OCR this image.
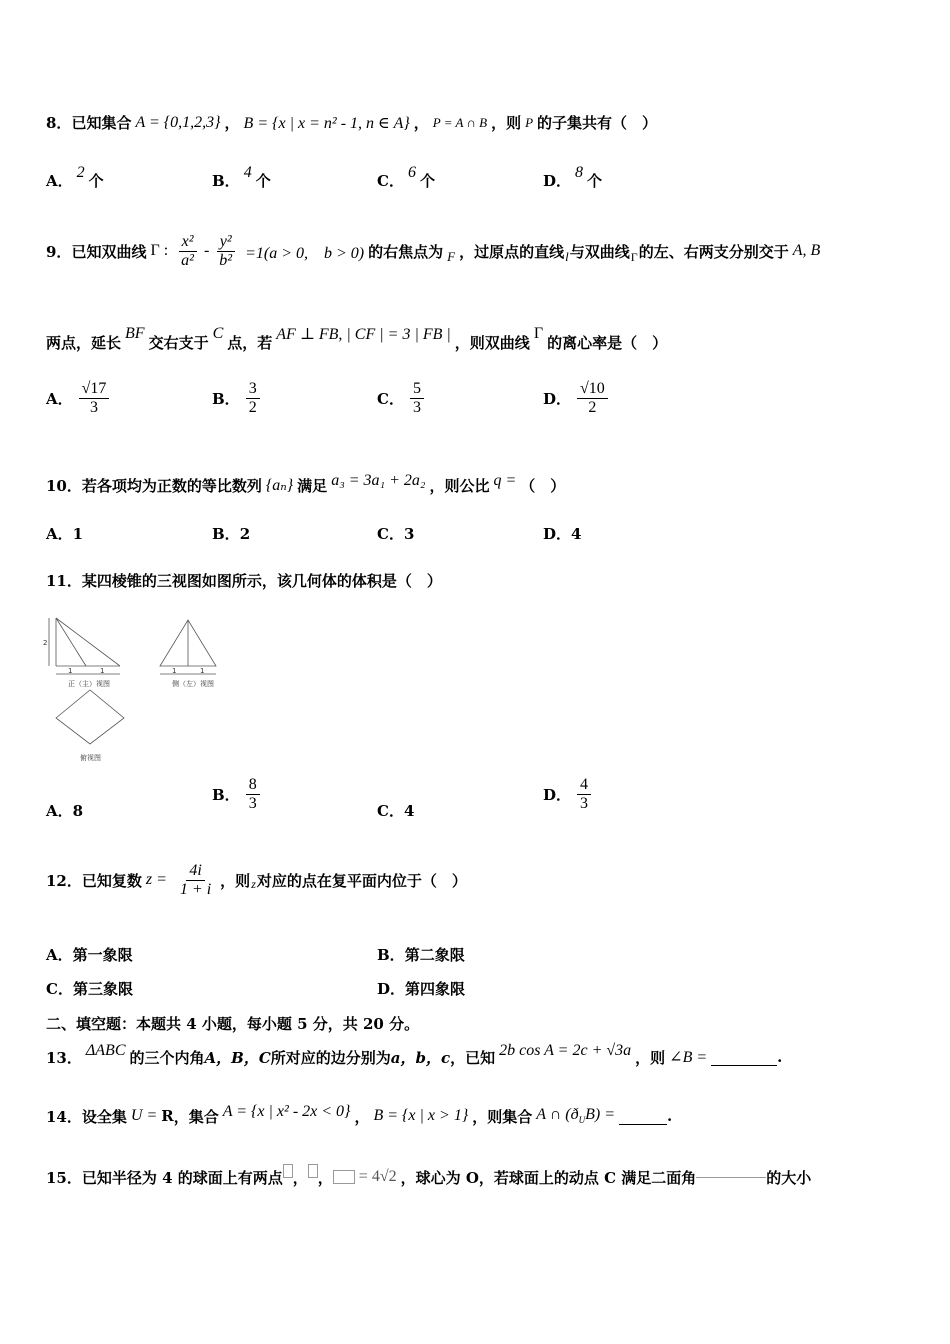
8． 已知集合 A = {0,1,2,3} ， B = {x | x = n² - 1, n ∈ A} ， P = A ∩ B ，则 P 的子集共有（　）
A． 2 个	B． 4 个	C． 6 个	D． 8 个
9． 已知双曲线 Γ : $\frac{\text{x²}}{\text{a²}} - \frac{\text{y²}}{\text{b²}} =1(a > 0$,　b > 0) 的右焦点为 F ，过原点的直线 l 与双曲线 Γ 的左、右两支分别交于 A, B
两点，延长 BF 交右支于 C 点，若 AF ⊥ FB, | CF | = 3 | FB | ，则双曲线 Γ 的离心率是（　）
A． $\frac{√17}{3}$	B． $\frac{3}{2}$	C． $\frac{5}{3}$	D． $\frac{√10}{2}$
10． 若各项均为正数的等比数列 {aₙ} 满足 a₃ = 3a₁ + 2a₂ ，则公比 q = （　）
A． 1	B． 2	C． 3	D． 4
11． 某四棱锥的三视图如图所示，该几何体的体积是（　）
2
1	1
正（主）视图
1	1
侧（左）视图
俯视图
A． 8
B． $\frac{8}{3}$	C． 4
D． $\frac{4}{3}$
12． 已知复数 $z = \frac{4i}{1 + i}$ ，则 z 对应的点在复平面内位于（　）
A． 第一象限	B． 第二象限
C． 第三象限	D． 第四象限
二、填空题：本题共 4 小题，每小题 5 分，共 20 分。
13． ΔABC 的三个内角 A，B，C 所对应的边分别为 a，b，c ，已知 2b cos A = 2c + √3a ，则 ∠B =	.
14． 设全集 U = R ，集合 A = {x | x² - 2x < 0} ， B = {x | x > 1} ，则集合 A ∩ $(ð_UB)$ =	.
15． 已知半径为 4 的球面上有两点 ， ， = 4√2 ，球心为 O，若球面上的动点 C 满足二面角	的大小
